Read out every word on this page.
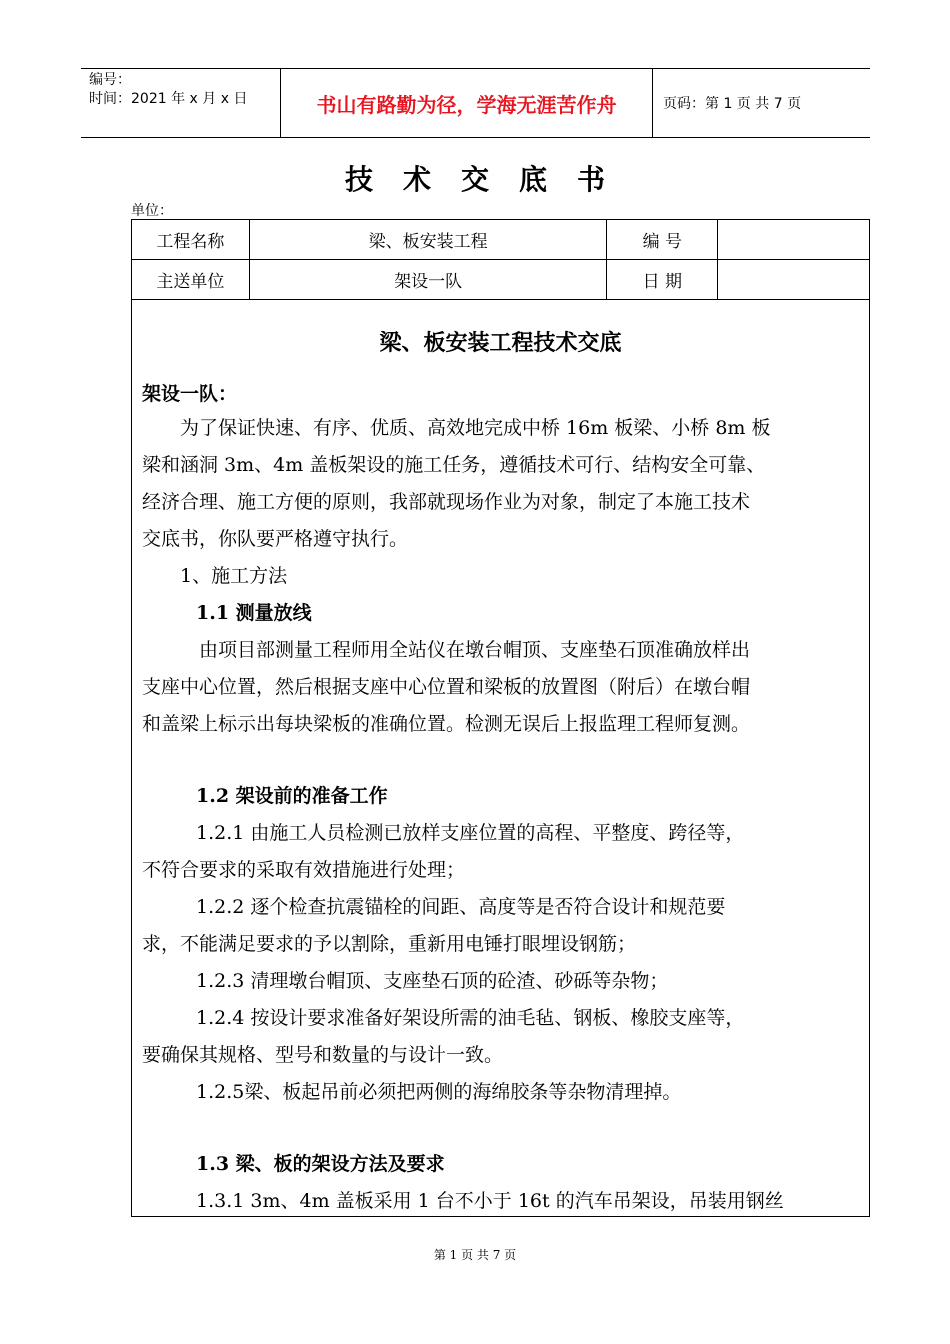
编号：
时间：2021 年 x 月 x 日	书山有路勤为径，学海无涯苦作舟	页码：第 1 页 共 7 页
技术交底书
单位：
工程名称	梁、板安装工程	编 号	
主送单位	架设一队	日 期	
梁、板安装工程技术交底
架设一队：
为了保证快速、有序、优质、高效地完成中桥 16m 板梁、小桥 8m 板
梁和涵洞 3m、4m 盖板架设的施工任务，遵循技术可行、结构安全可靠、
经济合理、施工方便的原则，我部就现场作业为对象，制定了本施工技术
交底书，你队要严格遵守执行。
1、施工方法
1.1 测量放线
由项目部测量工程师用全站仪在墩台帽顶、支座垫石顶准确放样出
支座中心位置，然后根据支座中心位置和梁板的放置图（附后）在墩台帽
和盖梁上标示出每块梁板的准确位置。检测无误后上报监理工程师复测。
1.2 架设前的准备工作
1.2.1 由施工人员检测已放样支座位置的高程、平整度、跨径等，
不符合要求的采取有效措施进行处理；
1.2.2 逐个检查抗震锚栓的间距、高度等是否符合设计和规范要
求，不能满足要求的予以割除，重新用电锤打眼埋设钢筋；
1.2.3 清理墩台帽顶、支座垫石顶的砼渣、砂砾等杂物；
1.2.4 按设计要求准备好架设所需的油毛毡、钢板、橡胶支座等，
要确保其规格、型号和数量的与设计一致。
1.2.5梁、板起吊前必须把两侧的海绵胶条等杂物清理掉。
1.3 梁、板的架设方法及要求
1.3.1 3m、4m 盖板采用 1 台不小于 16t 的汽车吊架设，吊装用钢丝
第 1 页 共 7 页
